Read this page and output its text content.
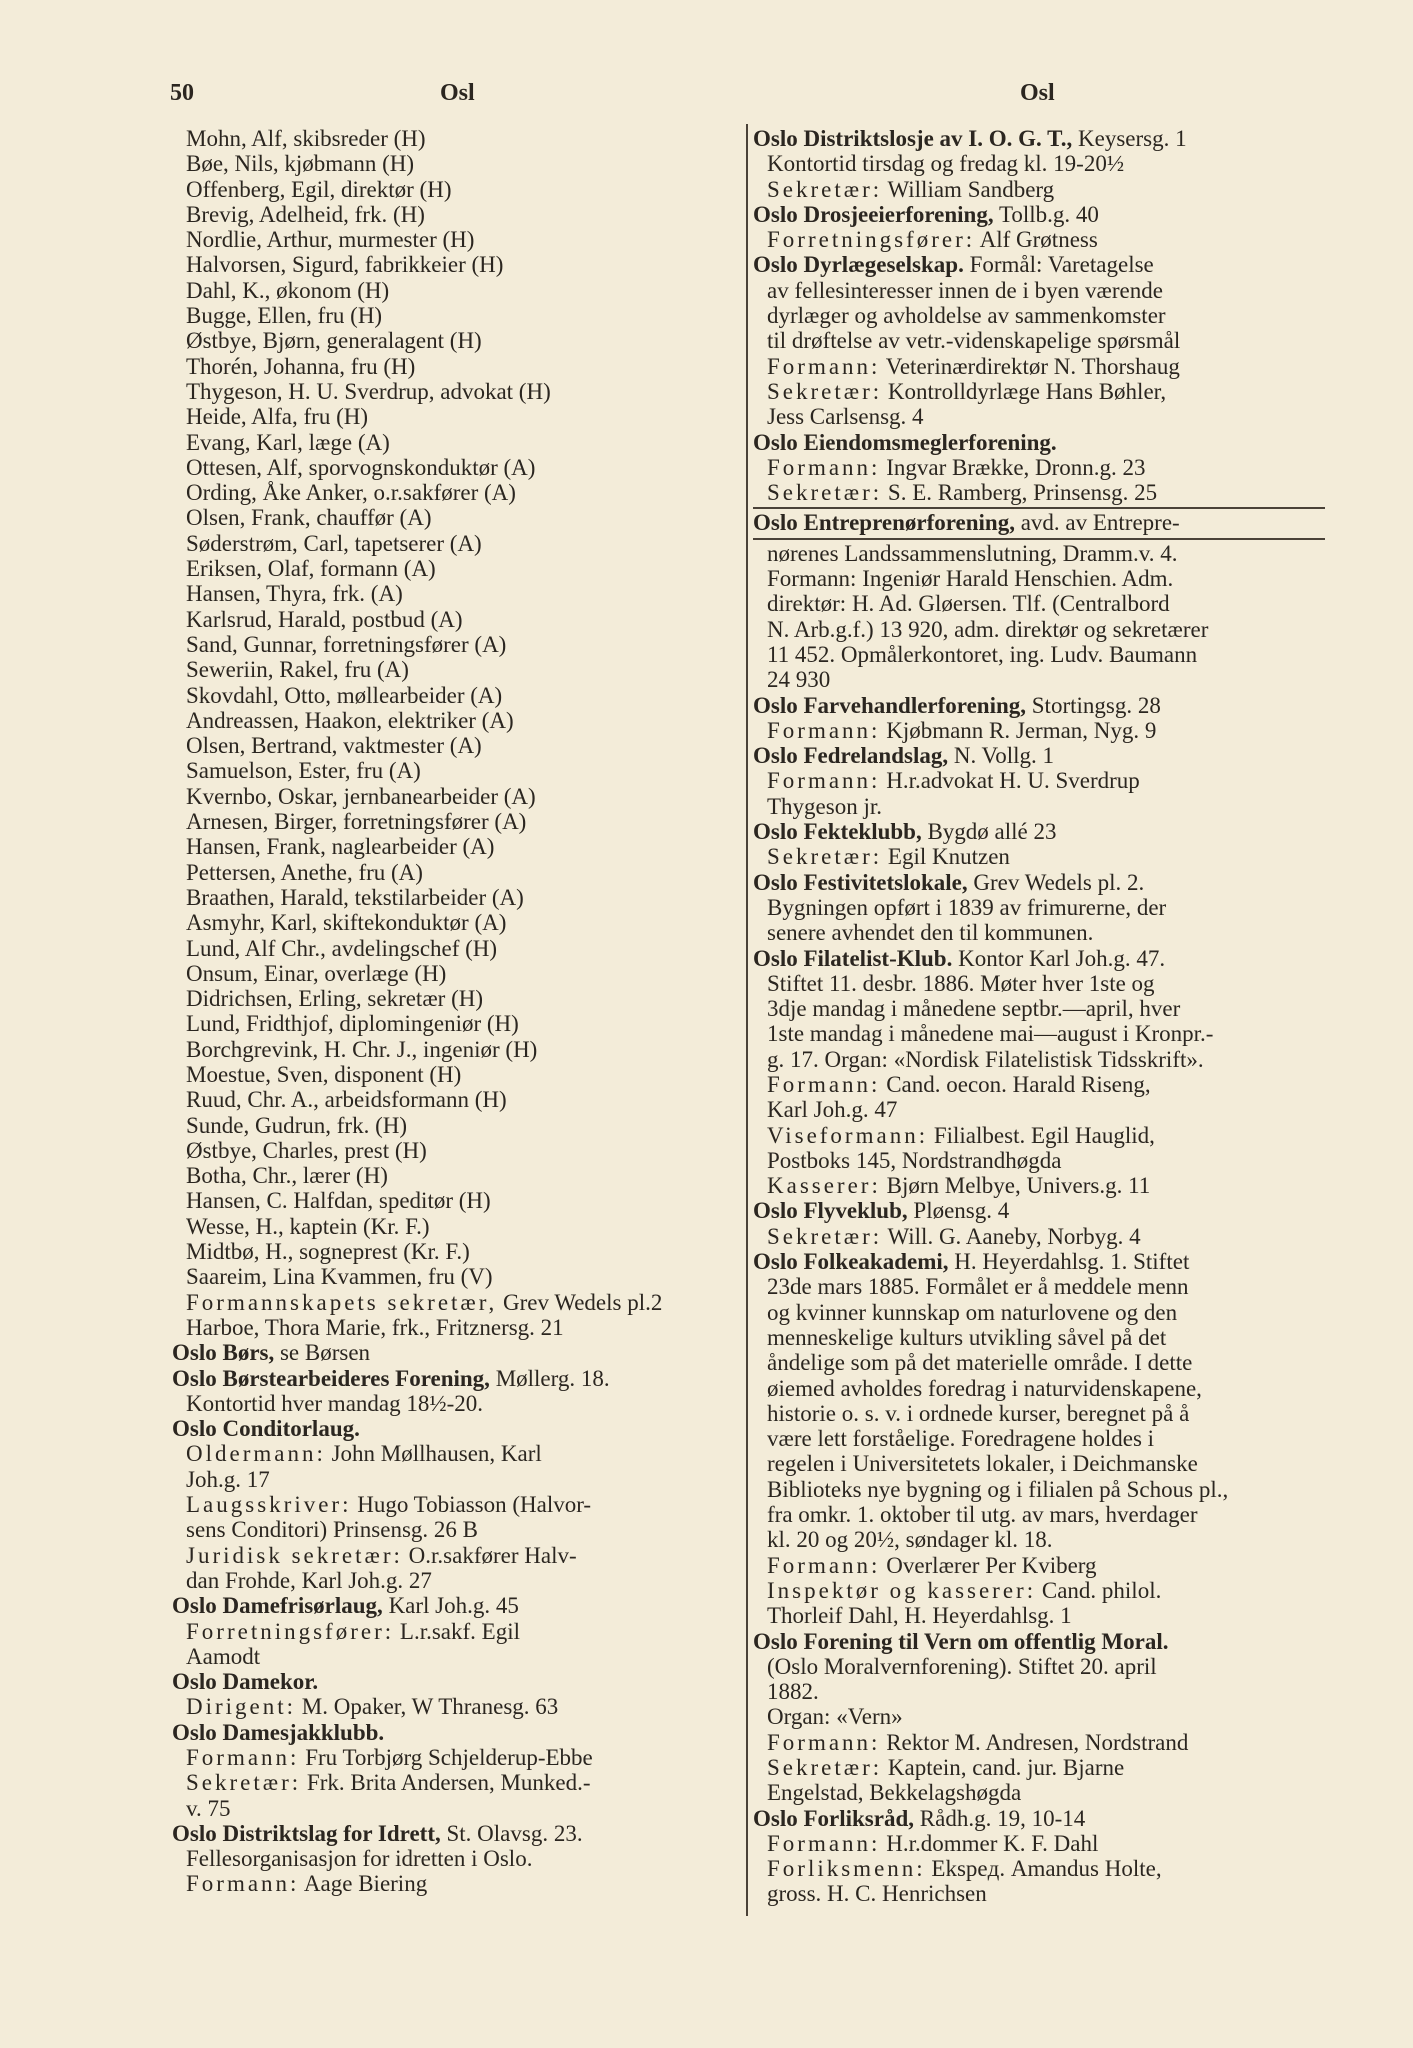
50	Osl	Osl
Mohn, Alf, skibsreder (H)
Bøe, Nils, kjøbmann (H)
Offenberg, Egil, direktør (H)
Brevig, Adelheid, frk. (H)
Nordlie, Arthur, murmester (H)
Halvorsen, Sigurd, fabrikkeier (H)
Dahl, K., økonom (H)
Bugge, Ellen, fru (H)
Østbye, Bjørn, generalagent (H)
Thorén, Johanna, fru (H)
Thygeson, H. U. Sverdrup, advokat (H)
Heide, Alfa, fru (H)
Evang, Karl, læge (A)
Ottesen, Alf, sporvognskonduktør (A)
Ording, Åke Anker, o.r.sakfører (A)
Olsen, Frank, chauffør (A)
Søderstrøm, Carl, tapetserer (A)
Eriksen, Olaf, formann (A)
Hansen, Thyra, frk. (A)
Karlsrud, Harald, postbud (A)
Sand, Gunnar, forretningsfører (A)
Seweriin, Rakel, fru (A)
Skovdahl, Otto, møllearbeider (A)
Andreassen, Haakon, elektriker (A)
Olsen, Bertrand, vaktmester (A)
Samuelson, Ester, fru (A)
Kvernbo, Oskar, jernbanearbeider (A)
Arnesen, Birger, forretningsfører (A)
Hansen, Frank, naglearbeider (A)
Pettersen, Anethe, fru (A)
Braathen, Harald, tekstilarbeider (A)
Asmyhr, Karl, skiftekonduktør (A)
Lund, Alf Chr., avdelingschef (H)
Onsum, Einar, overlæge (H)
Didrichsen, Erling, sekretær (H)
Lund, Fridthjof, diplomingeniør (H)
Borchgrevink, H. Chr. J., ingeniør (H)
Moestue, Sven, disponent (H)
Ruud, Chr. A., arbeidsformann (H)
Sunde, Gudrun, frk. (H)
Østbye, Charles, prest (H)
Botha, Chr., lærer (H)
Hansen, C. Halfdan, speditør (H)
Wesse, H., kaptein (Kr. F.)
Midtbø, H., sogneprest (Kr. F.)
Saareim, Lina Kvammen, fru (V)
Formannskapets sekretær, Grev Wedels pl.2
Harboe, Thora Marie, frk., Fritznersg. 21
Oslo Børs, se Børsen
Oslo Børstearbeideres Forening, Møllerg. 18.
Kontortid hver mandag 18½-20.
Oslo Conditorlaug.
Oldermann: John Møllhausen, Karl
Joh.g. 17
Laugsskriver: Hugo Tobiasson (Halvor-
sens Conditori) Prinsensg. 26 B
Juridisk sekretær: O.r.sakfører Halv-
dan Frohde, Karl Joh.g. 27
Oslo Damefrisørlaug, Karl Joh.g. 45
Forretningsfører: L.r.sakf. Egil
Aamodt
Oslo Damekor.
Dirigent: M. Opaker, W Thranesg. 63
Oslo Damesjakklubb.
Formann: Fru Torbjørg Schjelderup-Ebbe
Sekretær: Frk. Brita Andersen, Munked.-
v. 75
Oslo Distriktslag for Idrett, St. Olavsg. 23.
Fellesorganisasjon for idretten i Oslo.
Formann: Aage Biering
Oslo Distriktslosje av I. O. G. T., Keysersg. 1
Kontortid tirsdag og fredag kl. 19-20½
Sekretær: William Sandberg
Oslo Drosjeeierforening, Tollb.g. 40
Forretningsfører: Alf Grøtness
Oslo Dyrlægeselskap. Formål: Varetagelse
av fellesinteresser innen de i byen værende
dyrlæger og avholdelse av sammenkomster
til drøftelse av vetr.-videnskapelige spørsmål
Formann: Veterinærdirektør N. Thorshaug
Sekretær: Kontrolldyrlæge Hans Bøhler,
Jess Carlsensg. 4
Oslo Eiendomsmeglerforening.
Formann: Ingvar Brække, Dronn.g. 23
Sekretær: S. E. Ramberg, Prinsensg. 25
Oslo Entreprenørforening, avd. av Entrepre-
nørenes Landssammenslutning, Dramm.v. 4.
Formann: Ingeniør Harald Henschien. Adm.
direktør: H. Ad. Gløersen. Tlf. (Centralbord
N. Arb.g.f.) 13 920, adm. direktør og sekretærer
11 452. Opmålerkontoret, ing. Ludv. Baumann
24 930
Oslo Farvehandlerforening, Stortingsg. 28
Formann: Kjøbmann R. Jerman, Nyg. 9
Oslo Fedrelandslag, N. Vollg. 1
Formann: H.r.advokat H. U. Sverdrup
Thygeson jr.
Oslo Fekteklubb, Bygdø allé 23
Sekretær: Egil Knutzen
Oslo Festivitetslokale, Grev Wedels pl. 2.
Bygningen opført i 1839 av frimurerne, der
senere avhendet den til kommunen.
Oslo Filatelist-Klub. Kontor Karl Joh.g. 47.
Stiftet 11. desbr. 1886. Møter hver 1ste og
3dje mandag i månedene septbr.—april, hver
1ste mandag i månedene mai—august i Kronpr.-
g. 17. Organ: «Nordisk Filatelistisk Tidsskrift».
Formann: Cand. oecon. Harald Riseng,
Karl Joh.g. 47
Viseformann: Filialbest. Egil Hauglid,
Postboks 145, Nordstrandhøgda
Kasserer: Bjørn Melbye, Univers.g. 11
Oslo Flyveklub, Pløensg. 4
Sekretær: Will. G. Aaneby, Norbyg. 4
Oslo Folkeakademi, H. Heyerdahlsg. 1. Stiftet
23de mars 1885. Formålet er å meddele menn
og kvinner kunnskap om naturlovene og den
menneskelige kulturs utvikling såvel på det
åndelige som på det materielle område. I dette
øiemed avholdes foredrag i naturvidenskapene,
historie o. s. v. i ordnede kurser, beregnet på å
være lett forståelige. Foredragene holdes i
regelen i Universitetets lokaler, i Deichmanske
Biblioteks nye bygning og i filialen på Schous pl.,
fra omkr. 1. oktober til utg. av mars, hverdager
kl. 20 og 20½, søndager kl. 18.
Formann: Overlærer Per Kviberg
Inspektør og kasserer: Cand. philol.
Thorleif Dahl, H. Heyerdahlsg. 1
Oslo Forening til Vern om offentlig Moral.
(Oslo Moralvernforening). Stiftet 20. april
1882.
Organ: «Vern»
Formann: Rektor M. Andresen, Nordstrand
Sekretær: Kaptein, cand. jur. Bjarne
Engelstad, Bekkelagshøgda
Oslo Forliksråd, Rådh.g. 19, 10-14
Formann: H.r.dommer K. F. Dahl
Forliksmenn: Ekspeд. Amandus Holte,
gross. H. C. Henrichsen
